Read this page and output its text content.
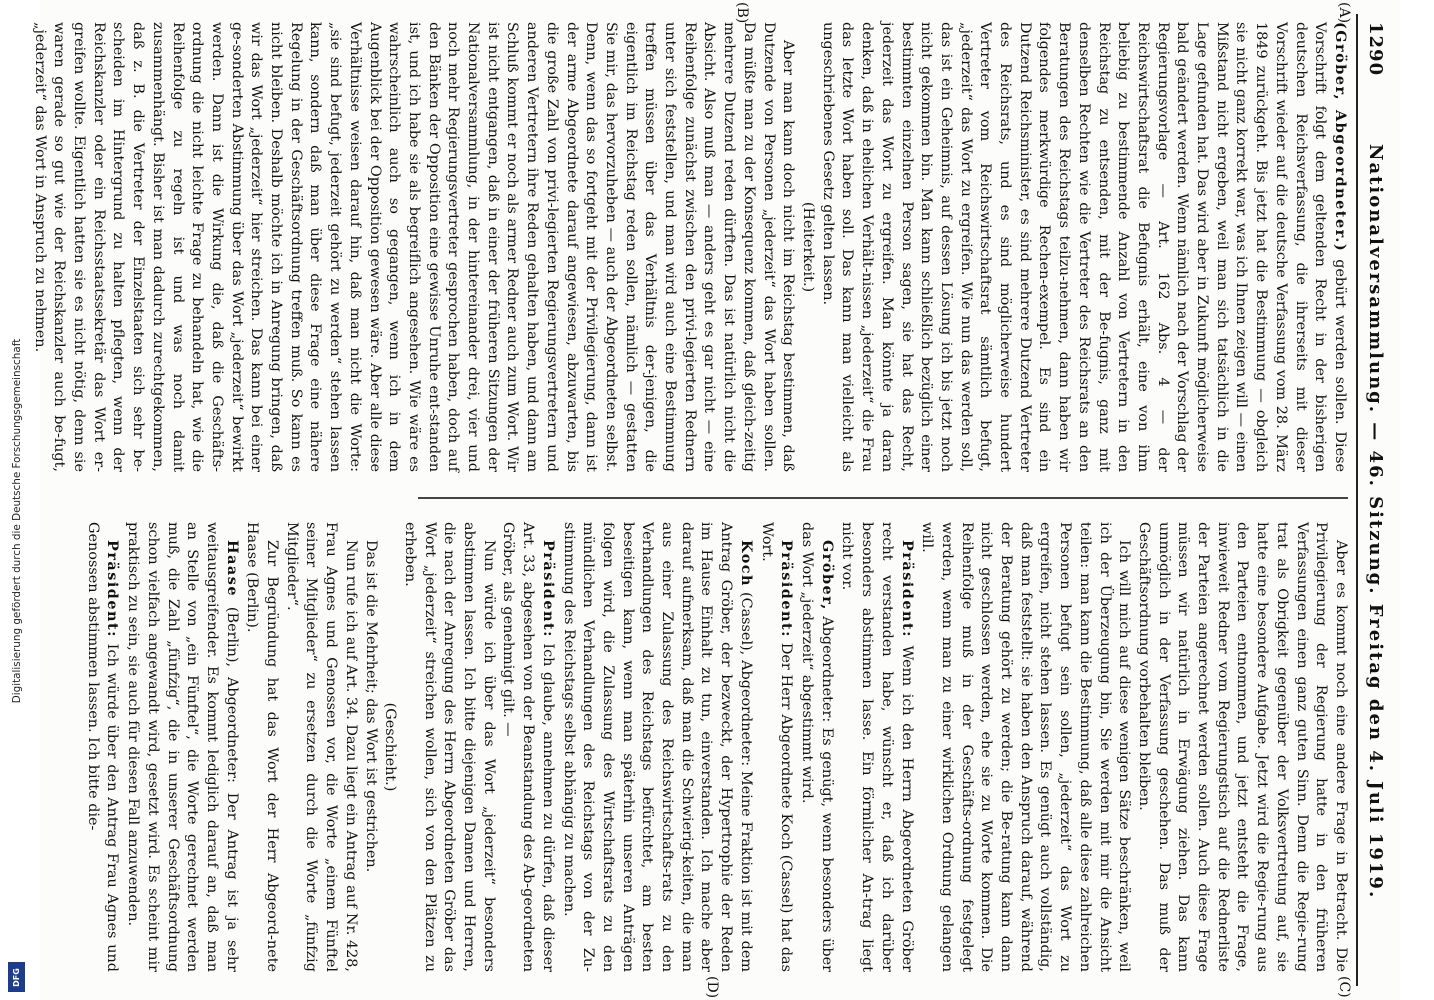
1290
Nationalversammlung. — 46. Sitzung. Freitag den 4. Juli 1919.
(A)
(B)
(C)
(D)

(Gröber, Abgeordneter.) gebürt werden sollen. Diese Vorschrift folgt dem geltenden Recht in der bisherigen deutschen Reichsverfassung, die ihrerseits mit dieser Vorschrift wieder auf die deutsche Verfassung vom 28. März 1849 zurückgeht. Bis jetzt hat die Bestimmung — obgleich sie nicht ganz korrekt war, was ich Ihnen zeigen will — einen Mißstand nicht ergeben, weil man sich tatsächlich in die Lage gefunden hat. Das wird aber in Zukunft möglicherweise bald geändert werden. Wenn nämlich nach der Vorschlag der Regierungsvorlage — Art. 162 Abs. 4 — der Reichswirtschaftsrat die Befugnis erhält, eine von ihm beliebig zu bestimmende Anzahl von Vertretern in den Reichstag zu entsenden, mit der Be-fugnis, ganz mit denselben Rechten wie die Vertreter des Reichsrats an den Beratungen des Reichstags teilzu-nehmen, dann haben wir folgendes merkwürdige Rechen-exempel. Es sind ein Dutzend Reichsminister, es sind mehrere Dutzend Vertreter des Reichsrats, und es sind möglicherweise hundert Vertreter vom Reichswirtschaftsrat sämtlich befugt, „jederzeit“ das Wort zu ergreifen. Wie nun das werden soll, das ist ein Geheimnis, auf dessen Lösung ich bis jetzt noch nicht gekommen bin. Man kann schließlich bezüglich einer bestimmten einzelnen Person sagen, sie hat das Recht, jederzeit das Wort zu ergreifen. Man könnte ja daran denken, daß in ehelichen Verhält-nissen „jederzeit“ die Frau das letzte Wort haben soll. Das kann man vielleicht als ungeschriebenes Gesetz gelten lassen.

(Heiterkeit.)

Aber man kann doch nicht im Reichstag bestimmen, daß Dutzende von Personen „jederzeit“ das Wort haben sollen. Da müßte man zu der Konsequenz kommen, daß gleich-zeitig mehrere Dutzend reden dürften. Das ist natürlich nicht die Absicht. Also muß man — anders geht es gar nicht — eine Reihenfolge zunächst zwischen den privi-legierten Rednern unter sich feststellen, und man wird auch eine Bestimmung treffen müssen über das Verhältnis der-jenigen, die eigentlich im Reichstag reden sollen, nämlich — gestatten Sie mir, das hervorzuheben — auch der Abgeordneten selbst. Denn, wenn das so fortgeht mit der Privilegierung, dann ist der arme Abgeordnete darauf angewiesen, abzuwarten, bis die große Zahl von privi-legierten Regierungsvertretern und anderen Vertretern ihre Reden gehalten haben, und dann am Schluß kommt er noch als armer Redner auch zum Wort. Wir ist nicht entgangen, daß in einer der früheren Sitzungen der Nationalversammlung, in der hintereinander drei, vier und noch mehr Regierungsvertreter gesprochen haben, doch auf den Bänken der Opposition eine gewisse Unruhe ent-standen ist, und ich habe sie als begreiflich angesehen. Wie wäre es wahrscheinlich auch so gegangen, wenn ich in dem Augenblick bei der Opposition gewesen wäre. Aber alle diese Verhältnisse weisen darauf hin, daß man nicht die Worte: „sie sind befugt, jederzeit gehört zu werden“ stehen lassen kann, sondern daß man über diese Frage eine nähere Regelung in der Geschäftsordnung treffen muß. So kann es nicht bleiben. Deshalb möchte ich in Anregung bringen, daß wir das Wort „jederzeit“ hier streichen. Das kann bei einer ge-sonderten Abstimmung über das Wort „jederzeit“ bewirkt werden. Dann ist die Wirkung die, daß die Geschäfts-ordnung die nicht leichte Frage zu behandeln hat, wie die Reihenfolge zu regeln ist und was noch damit zusammenhängt. Bisher ist man dadurch zurechtgekommen, daß z. B. die Vertreter der Einzelstaaten sich sehr be-scheiden im Hintergrund zu halten pflegten, wenn der Reichskanzler oder ein Reichsstaatssekretär das Wort er-greifen wollte. Eigentlich hatten sie es nicht nötig, denn sie waren gerade so gut wie der Reichskanzler auch be-fugt, „jederzeit“ das Wort in Anspruch zu nehmen.

Aber es kommt noch eine andere Frage in Betracht. Die Privilegierung der Regierung hatte in den früheren Verfassungen einen ganz guten Sinn. Denn die Regie-rung trat als Obrigkeit gegenüber der Volksvertretung auf, sie hatte eine besondere Aufgabe. Jetzt wird die Regie-rung aus den Parteien entnommen, und jetzt entsteht die Frage, inwieweit Redner vom Regierungstisch auf die Rednerliste der Parteien angerechnet werden sollen. Auch diese Frage müssen wir natürlich in Erwägung ziehen. Das kann unmöglich in der Verfassung geschehen. Das muß der Geschäftsordnung vorbehalten bleiben.

Ich will mich auf diese wenigen Sätze beschränken, weil ich der Überzeugung bin, Sie werden mit mir die Ansicht teilen: man kann die Bestimmung, daß alle diese zahlreichen Personen befugt sein sollen, „jederzeit“ das Wort zu ergreifen, nicht stehen lassen. Es genügt auch vollständig, daß man feststellt: sie haben den Anspruch darauf, während der Beratung gehört zu werden; die Be-ratung kann dann nicht geschlossen werden, ehe sie zu Worte kommen. Die Reihenfolge muß in der Geschäfts-ordnung festgelegt werden, wenn man zu einer wirklichen Ordnung gelangen will.

Präsident: Wenn ich den Herrn Abgeordneten Gröber recht verstanden habe, wünscht er, daß ich darüber besonders abstimmen lasse. Ein förmlicher An-trag liegt nicht vor.

Gröber, Abgeordneter: Es genügt, wenn besonders über das Wort „jederzeit“ abgestimmt wird.

Präsident: Der Herr Abgeordnete Koch (Cassel) hat das Wort.

Koch (Cassel), Abgeordneter: Meine Fraktion ist mit dem Antrag Gröber, der bezweckt, der Hypertrophie der Reden im Hause Einhalt zu tun, einverstanden. Ich mache aber darauf aufmerksam, daß man die Schwierig-keiten, die man aus einer Zulassung des Reichswirtschafts-rats zu den Verhandlungen des Reichstags befürchtet, am besten beseitigen kann, wenn man späterhin unseren Anträgen folgen wird, die Zulassung des Wirtschaftsrats zu den mündlichen Verhandlungen des Reichstags von der Zu-stimmung des Reichstags selbst abhängig zu machen.

Präsident: Ich glaube, annehmen zu dürfen, daß dieser Art. 33, abgesehen von der Beanstandung des Ab-geordneten Gröber, als genehmigt gilt. —

Nun würde ich über das Wort „jederzeit“ besonders abstimmen lassen. Ich bitte diejenigen Damen und Herren, die nach der Anregung des Herrn Abgeordneten Gröber das Wort „jederzeit“ streichen wollen, sich von den Plätzen zu erheben.

(Geschieht.)

Das ist die Mehrheit; das Wort ist gestrichen.

Nun rufe ich auf Art. 34. Dazu liegt ein Antrag auf Nr. 428, Frau Agnes und Genossen vor, die Worte „einem Fünftel seiner Mitglieder“ zu ersetzen durch die Worte „fünfzig Mitglieder“.

Zur Begründung hat das Wort der Herr Abgeord-nete Haase (Berlin).

Haase (Berlin), Abgeordneter: Der Antrag ist ja sehr weitausgreifender. Es kommt lediglich darauf an, daß man an Stelle von „ein Fünftel“, die Worte gerechnet werden muß, die Zahl „fünfzig“, die in unserer Geschäftsordnung schon vielfach angewandt wird, gesetzt wird. Es scheint mir praktisch zu sein, sie auch für diesen Fall anzuwenden.

Präsident: Ich würde über den Antrag Frau Agnes und Genossen abstimmen lassen. Ich bitte die-

Digitalisierung gefördert durch die Deutsche Forschungsgemeinschaft
DFG
